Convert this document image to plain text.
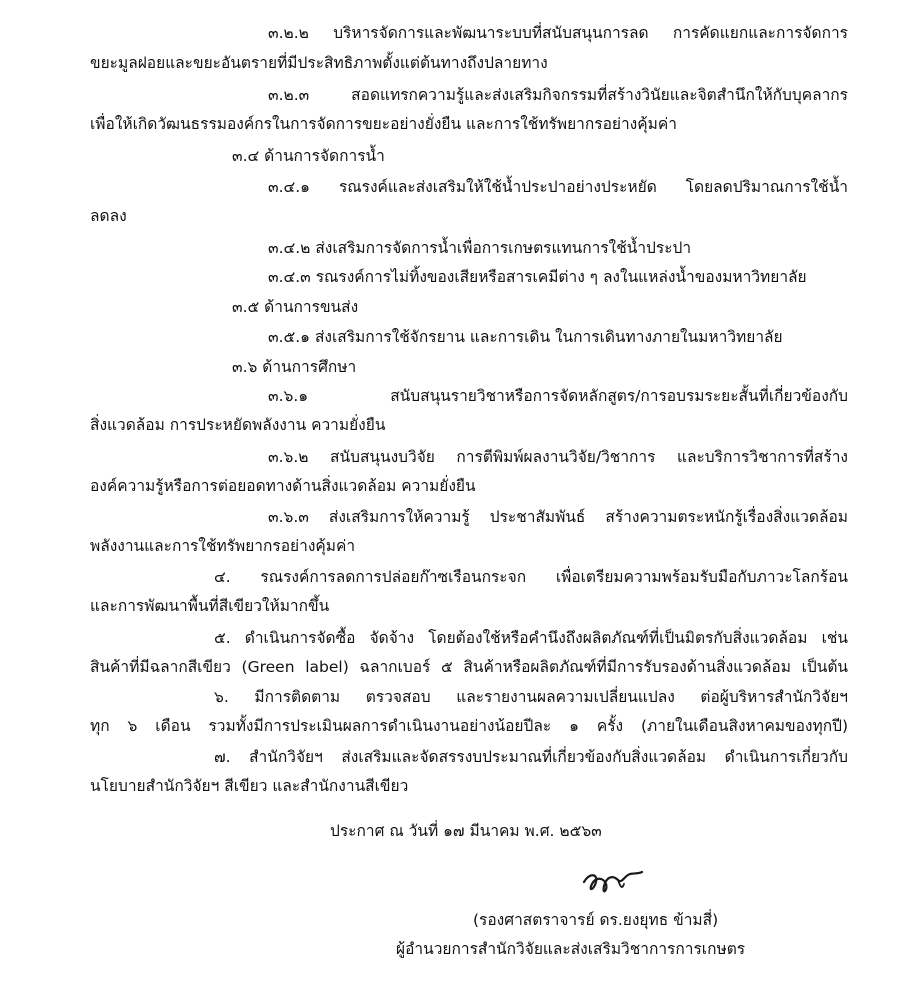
๓.๒.๒ บริหารจัดการและพัฒนาระบบที่สนับสนุนการลด การคัดแยกและการจัดการ
ขยะมูลฝอยและขยะอันตรายที่มีประสิทธิภาพตั้งแต่ต้นทางถึงปลายทาง
๓.๒.๓ สอดแทรกความรู้และส่งเสริมกิจกรรมที่สร้างวินัยและจิตสำนึกให้กับบุคลากร
เพื่อให้เกิดวัฒนธรรมองค์กรในการจัดการขยะอย่างยั่งยืน และการใช้ทรัพยากรอย่างคุ้มค่า
๓.๔ ด้านการจัดการน้ำ
๓.๔.๑ รณรงค์และส่งเสริมให้ใช้น้ำประปาอย่างประหยัด โดยลดปริมาณการใช้น้ำ
ลดลง
๓.๔.๒ ส่งเสริมการจัดการน้ำเพื่อการเกษตรแทนการใช้น้ำประปา
๓.๔.๓ รณรงค์การไม่ทิ้งของเสียหรือสารเคมีต่าง ๆ ลงในแหล่งน้ำของมหาวิทยาลัย
๓.๕ ด้านการขนส่ง
๓.๕.๑ ส่งเสริมการใช้จักรยาน และการเดิน ในการเดินทางภายในมหาวิทยาลัย
๓.๖ ด้านการศึกษา
๓.๖.๑ สนับสนุนรายวิชาหรือการจัดหลักสูตร/การอบรมระยะสั้นที่เกี่ยวข้องกับ
สิ่งแวดล้อม การประหยัดพลังงาน ความยั่งยืน
๓.๖.๒ สนับสนุนงบวิจัย การตีพิมพ์ผลงานวิจัย/วิชาการ และบริการวิชาการที่สร้าง
องค์ความรู้หรือการต่อยอดทางด้านสิ่งแวดล้อม ความยั่งยืน
๓.๖.๓ ส่งเสริมการให้ความรู้ ประชาสัมพันธ์ สร้างความตระหนักรู้เรื่องสิ่งแวดล้อม
พลังงานและการใช้ทรัพยากรอย่างคุ้มค่า
๔. รณรงค์การลดการปล่อยก๊าซเรือนกระจก เพื่อเตรียมความพร้อมรับมือกับภาวะโลกร้อน
และการพัฒนาพื้นที่สีเขียวให้มากขึ้น
๕. ดำเนินการจัดซื้อ จัดจ้าง โดยต้องใช้หรือคำนึงถึงผลิตภัณฑ์ที่เป็นมิตรกับสิ่งแวดล้อม เช่น
สินค้าที่มีฉลากสีเขียว (Green label) ฉลากเบอร์ ๕ สินค้าหรือผลิตภัณฑ์ที่มีการรับรองด้านสิ่งแวดล้อม เป็นต้น
๖. มีการติดตาม ตรวจสอบ และรายงานผลความเปลี่ยนแปลง ต่อผู้บริหารสำนักวิจัยฯ
ทุก ๖ เดือน รวมทั้งมีการประเมินผลการดำเนินงานอย่างน้อยปีละ ๑ ครั้ง (ภายในเดือนสิงหาคมของทุกปี)
๗. สำนักวิจัยฯ ส่งเสริมและจัดสรรงบประมาณที่เกี่ยวข้องกับสิ่งแวดล้อม ดำเนินการเกี่ยวกับ
นโยบายสำนักวิจัยฯ สีเขียว และสำนักงานสีเขียว
ประกาศ ณ วันที่ ๑๗ มีนาคม พ.ศ. ๒๕๖๓
(รองศาสตราจารย์ ดร.ยงยุทธ ข้ามสี่)
ผู้อำนวยการสำนักวิจัยและส่งเสริมวิชาการการเกษตร
